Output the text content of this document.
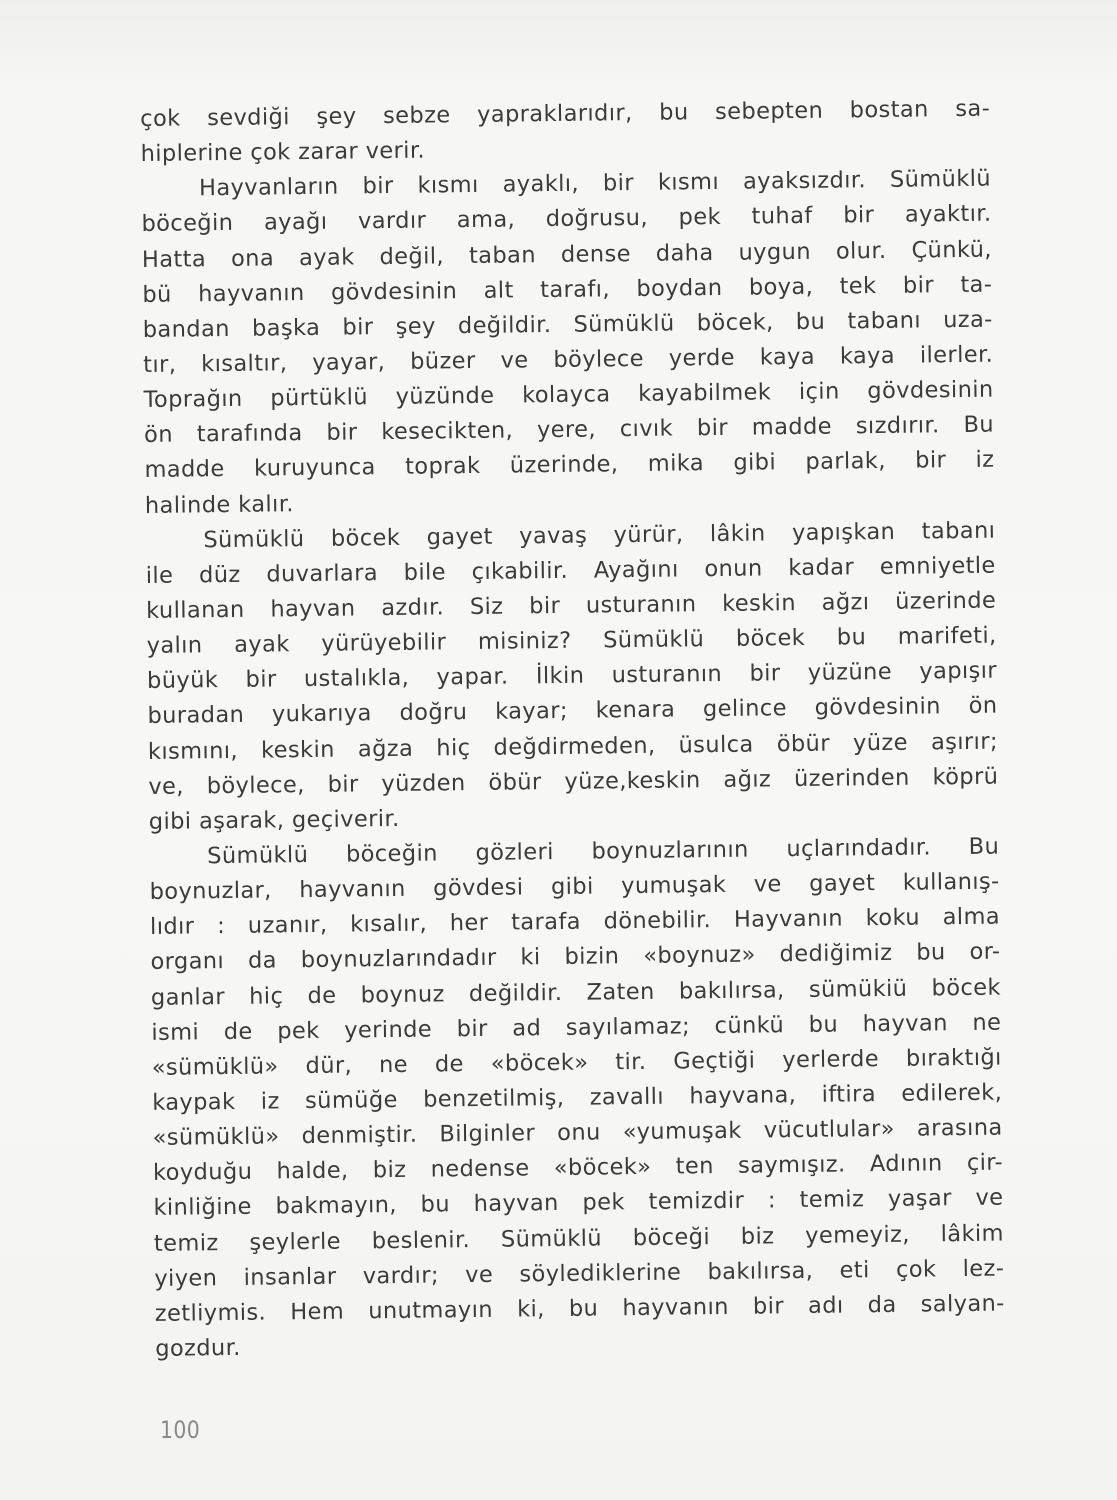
çok sevdiği şey sebze yapraklarıdır, bu sebepten bostan sa-
hiplerine çok zarar verir.
Hayvanların bir kısmı ayaklı, bir kısmı ayaksızdır. Sümüklü
böceğin ayağı vardır ama, doğrusu, pek tuhaf bir ayaktır.
Hatta ona ayak değil, taban dense daha uygun olur. Çünkü,
bü hayvanın gövdesinin alt tarafı, boydan boya, tek bir ta-
bandan başka bir şey değildir. Sümüklü böcek, bu tabanı uza-
tır, kısaltır, yayar, büzer ve böylece yerde kaya kaya ilerler.
Toprağın pürtüklü yüzünde kolayca kayabilmek için gövdesinin
ön tarafında bir kesecikten, yere, cıvık bir madde sızdırır. Bu
madde kuruyunca toprak üzerinde, mika gibi parlak, bir iz
halinde kalır.
Sümüklü böcek gayet yavaş yürür, lâkin yapışkan tabanı
ile düz duvarlara bile çıkabilir. Ayağını onun kadar emniyetle
kullanan hayvan azdır. Siz bir usturanın keskin ağzı üzerinde
yalın ayak yürüyebilir misiniz? Sümüklü böcek bu marifeti,
büyük bir ustalıkla, yapar. İlkin usturanın bir yüzüne yapışır
buradan yukarıya doğru kayar; kenara gelince gövdesinin ön
kısmını, keskin ağza hiç değdirmeden, üsulca öbür yüze aşırır;
ve, böylece, bir yüzden öbür yüze,keskin ağız üzerinden köprü
gibi aşarak, geçiverir.
Sümüklü böceğin gözleri boynuzlarının uçlarındadır. Bu
boynuzlar, hayvanın gövdesi gibi yumuşak ve gayet kullanış-
lıdır : uzanır, kısalır, her tarafa dönebilir. Hayvanın koku alma
organı da boynuzlarındadır ki bizin «boynuz» dediğimiz bu or-
ganlar hiç de boynuz değildir. Zaten bakılırsa, sümükiü böcek
ismi de pek yerinde bir ad sayılamaz; cünkü bu hayvan ne
«sümüklü» dür, ne de «böcek» tir. Geçtiği yerlerde bıraktığı
kaypak iz sümüğe benzetilmiş, zavallı hayvana, iftira edilerek,
«sümüklü» denmiştir. Bilginler onu «yumuşak vücutlular» arasına
koyduğu halde, biz nedense «böcek» ten saymışız. Adının çir-
kinliğine bakmayın, bu hayvan pek temizdir : temiz yaşar ve
temiz şeylerle beslenir. Sümüklü böceği biz yemeyiz, lâkim
yiyen insanlar vardır; ve söylediklerine bakılırsa, eti çok lez-
zetliymis. Hem unutmayın ki, bu hayvanın bir adı da salyan-
gozdur.
100
